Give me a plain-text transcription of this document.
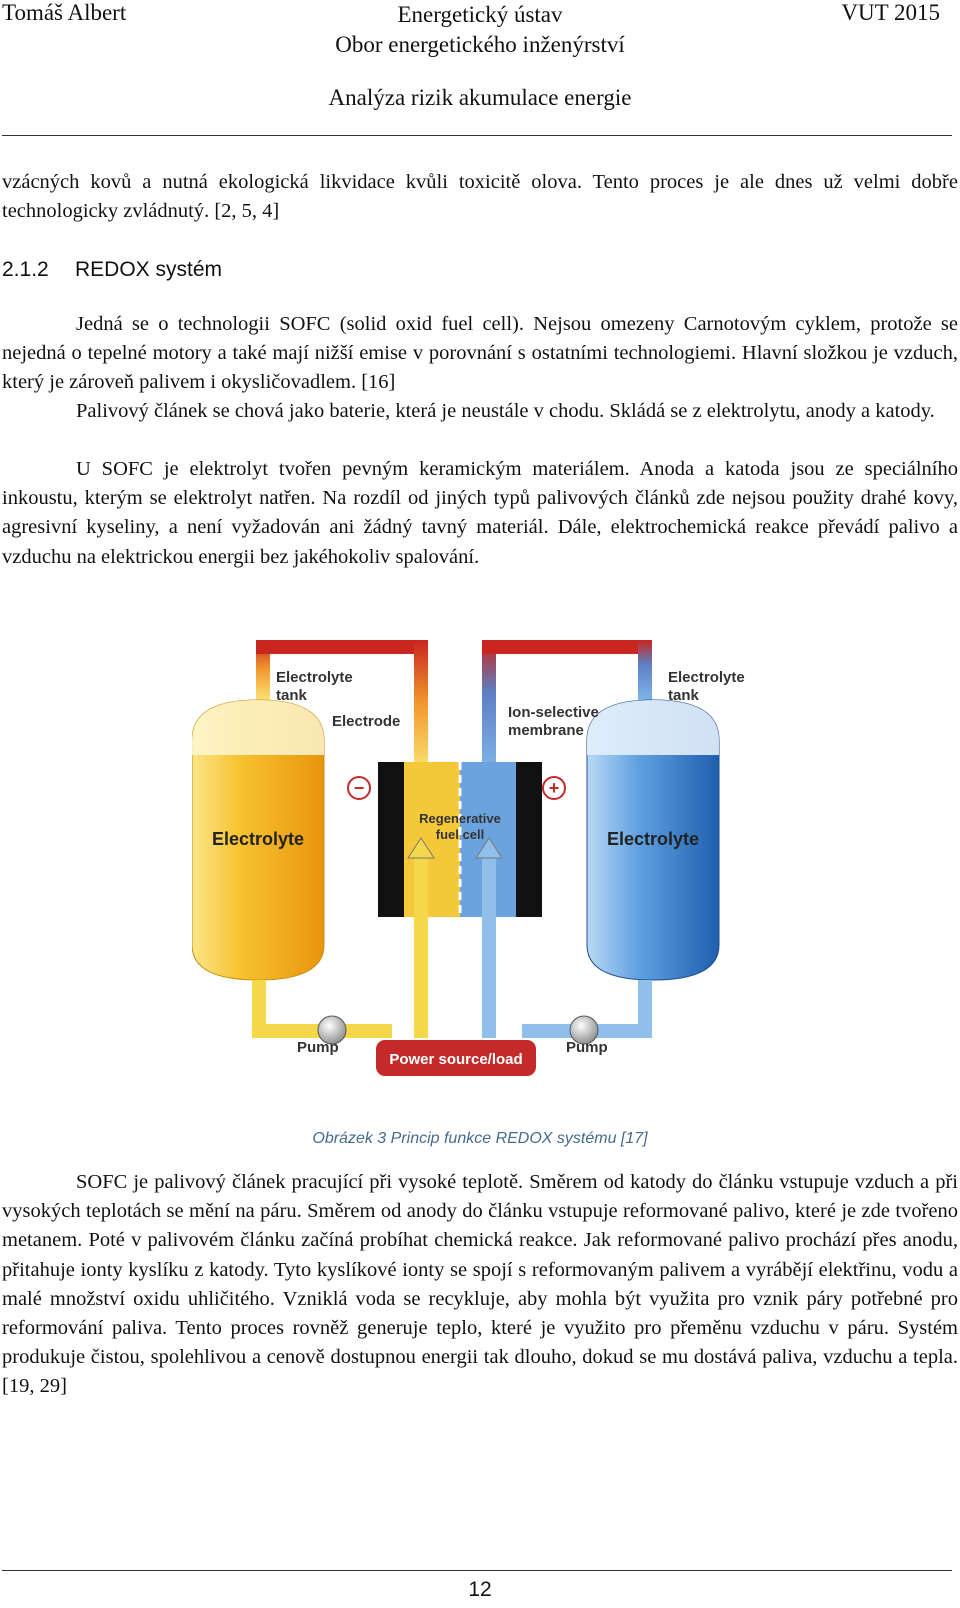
Tomáš Albert	Energetický ústav
Obor energetického inženýrství
VUT 2015
Analýza rizik akumulace energie

vzácných kovů a nutná ekologická likvidace kvůli toxicitě olova. Tento proces je ale dnes už velmi dobře technologicky zvládnutý. [2, 5, 4]

2.1.2 REDOX systém

Jedná se o technologii SOFC (solid oxid fuel cell). Nejsou omezeny Carnotovým cyklem, protože se nejedná o tepelné motory a také mají nižší emise v porovnání s ostatními technologiemi. Hlavní složkou je vzduch, který je zároveň palivem i okysličovadlem. [16]

Palivový článek se chová jako baterie, která je neustále v chodu. Skládá se z elektrolytu, anody a katody.

U SOFC je elektrolyt tvořen pevným keramickým materiálem. Anoda a katoda jsou ze speciálního inkoustu, kterým se elektrolyt natřen. Na rozdíl od jiných typů palivových článků zde nejsou použity drahé kovy, agresivní kyseliny, a není vyžadován ani žádný tavný materiál. Dále, elektrochemická reakce převádí palivo a vzduchu na elektrickou energii bez jakéhokoliv spalování.

Power source/load
−	+
Electrolyte
tank
Electrode
Ion-selective
membrane
Electrolyte
tank
Pump	Pump
Electrolyte	Electrolyte
Regenerative
fuel cell
Obrázek 3 Princip funkce REDOX systému [17]

SOFC je palivový článek pracující při vysoké teplotě. Směrem od katody do článku vstupuje vzduch a při vysokých teplotách se mění na páru. Směrem od anody do článku vstupuje reformované palivo, které je zde tvořeno metanem. Poté v palivovém článku začíná probíhat chemická reakce. Jak reformované palivo prochází přes anodu, přitahuje ionty kyslíku z katody. Tyto kyslíkové ionty se spojí s reformovaným palivem a vyrábějí elektřinu, vodu a malé množství oxidu uhličitého. Vzniklá voda se recykluje, aby mohla být využita pro vznik páry potřebné pro reformování paliva. Tento proces rovněž generuje teplo, které je využito pro přeměnu vzduchu v páru. Systém produkuje čistou, spolehlivou a cenově dostupnou energii tak dlouho, dokud se mu dostává paliva, vzduchu a tepla.[19, 29]

12
